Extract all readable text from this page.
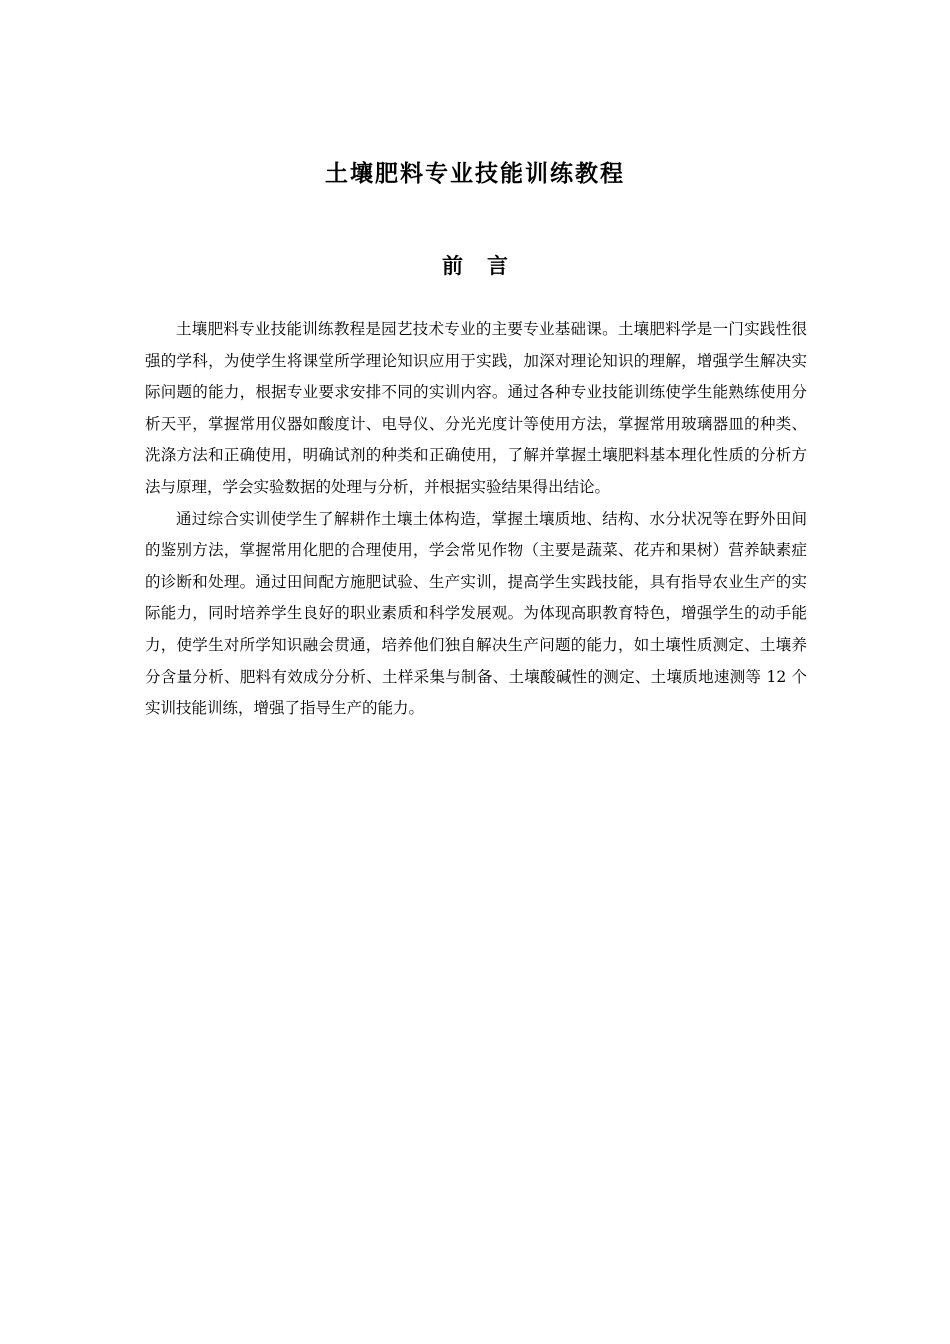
土壤肥料专业技能训练教程
前言

土壤肥料专业技能训练教程是园艺技术专业的主要专业基础课。土壤肥料学是一门实践性很强的学科，为使学生将课堂所学理论知识应用于实践，加深对理论知识的理解，增强学生解决实际问题的能力，根据专业要求安排不同的实训内容。通过各种专业技能训练使学生能熟练使用分析天平，掌握常用仪器如酸度计、电导仪、分光光度计等使用方法，掌握常用玻璃器皿的种类、洗涤方法和正确使用，明确试剂的种类和正确使用，了解并掌握土壤肥料基本理化性质的分析方法与原理，学会实验数据的处理与分析，并根据实验结果得出结论。

通过综合实训使学生了解耕作土壤土体构造，掌握土壤质地、结构、水分状况等在野外田间的鉴别方法，掌握常用化肥的合理使用，学会常见作物（主要是蔬菜、花卉和果树）营养缺素症的诊断和处理。通过田间配方施肥试验、生产实训，提高学生实践技能，具有指导农业生产的实际能力，同时培养学生良好的职业素质和科学发展观。为体现高职教育特色，增强学生的动手能力，使学生对所学知识融会贯通，培养他们独自解决生产问题的能力，如土壤性质测定、土壤养分含量分析、肥料有效成分分析、土样采集与制备、土壤酸碱性的测定、土壤质地速测等 12 个实训技能训练，增强了指导生产的能力。
